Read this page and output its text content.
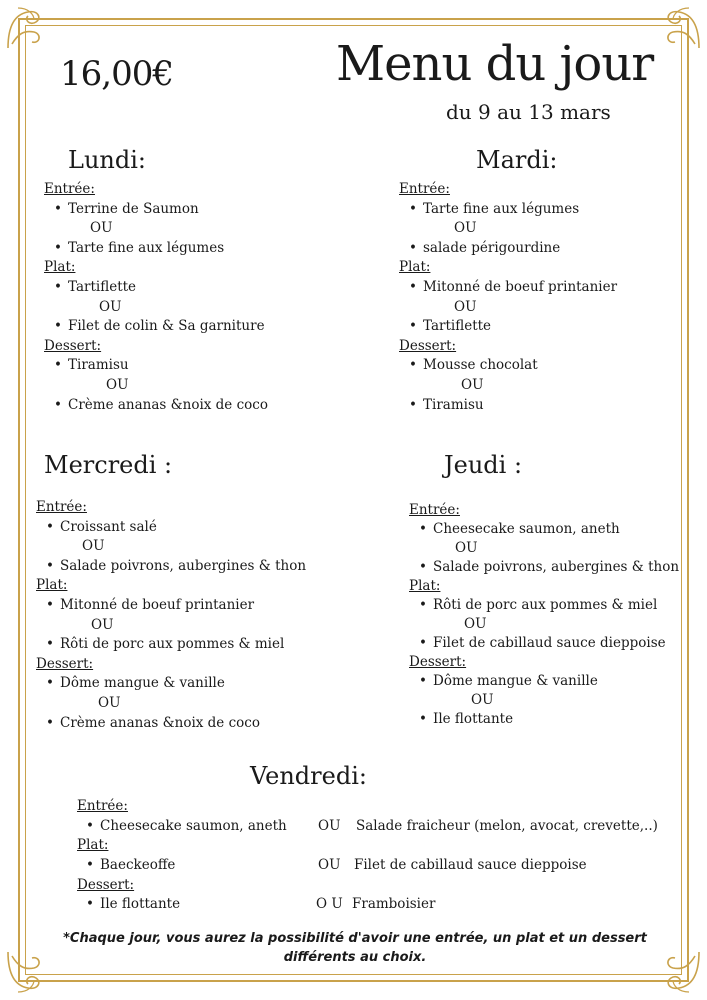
16,00€	Menu du jour
du 9 au 13 mars
Lundi:
Entrée:
• Terrine de Saumon
OU
• Tarte fine aux légumes
Plat:
• Tartiflette
OU
• Filet de colin & Sa garniture
Dessert:
• Tiramisu
OU
• Crème ananas &noix de coco
Mardi:
Entrée:
• Tarte fine aux légumes
OU
• salade périgourdine
Plat:
• Mitonné de boeuf printanier
OU
• Tartiflette
Dessert:
• Mousse chocolat
OU
• Tiramisu
Mercredi :
Entrée:
• Croissant salé
OU
• Salade poivrons, aubergines & thon
Plat:
• Mitonné de boeuf printanier
OU
• Rôti de porc aux pommes & miel
Dessert:
• Dôme mangue & vanille
OU
• Crème ananas &noix de coco
Jeudi :
Entrée:
• Cheesecake saumon, aneth
OU
• Salade poivrons, aubergines & thon
Plat:
• Rôti de porc aux pommes & miel
OU
• Filet de cabillaud sauce dieppoise
Dessert:
• Dôme mangue & vanille
OU
• Ile flottante
Vendredi:
Entrée:
• Cheesecake saumon, aneth OU Salade fraicheur (melon, avocat, crevette,..)
Plat:
• Baeckeoffe	OU Filet de cabillaud sauce dieppoise
Dessert:
• Ile flottante	O U Framboisier
*Chaque jour, vous aurez la possibilité d'avoir une entrée, un plat et un dessert
différents au choix.
